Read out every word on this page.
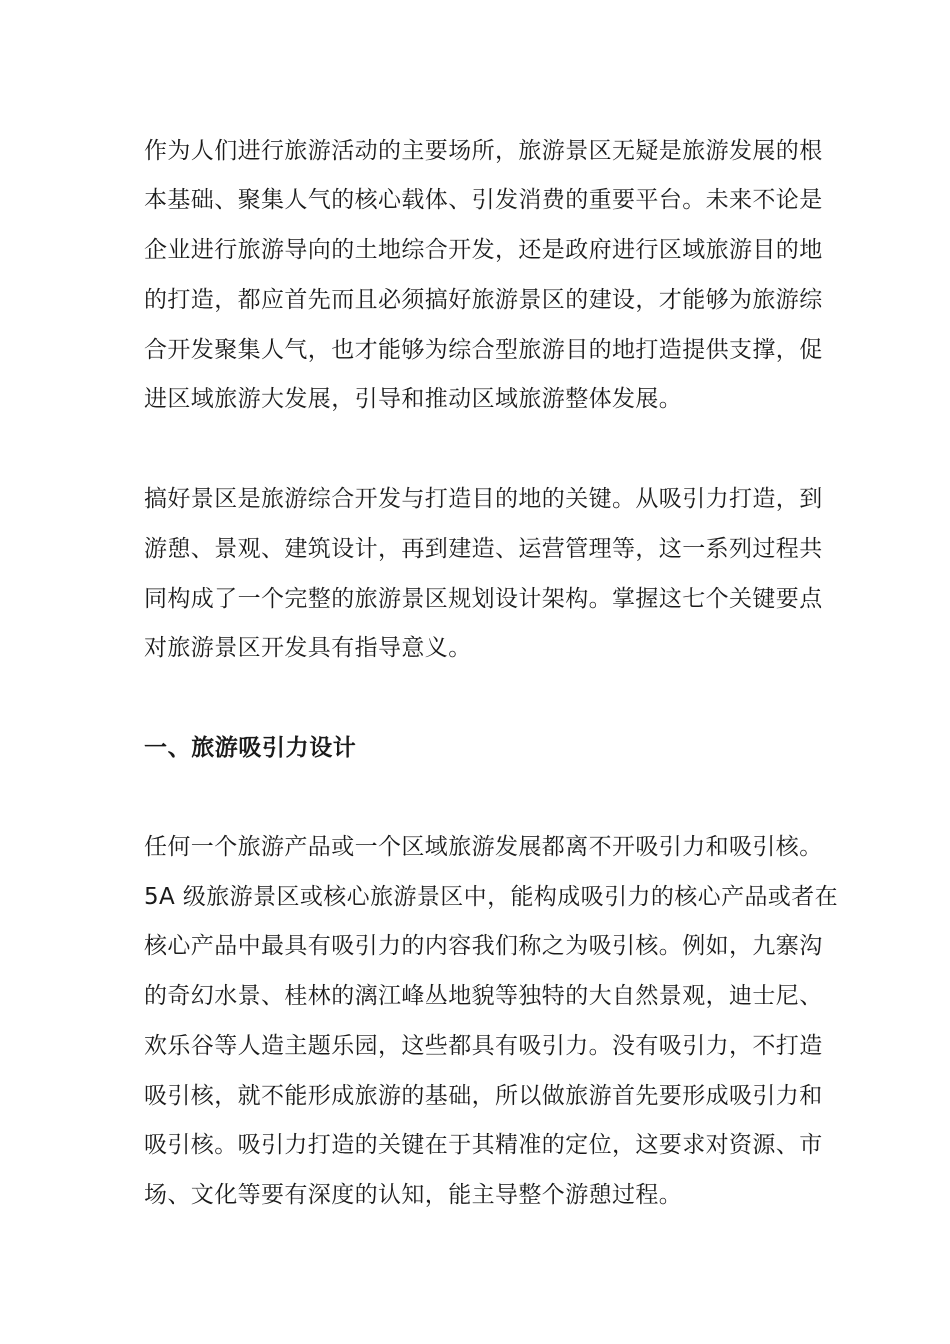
作为人们进行旅游活动的主要场所，旅游景区无疑是旅游发展的根
本基础、聚集人气的核心载体、引发消费的重要平台。未来不论是
企业进行旅游导向的土地综合开发，还是政府进行区域旅游目的地
的打造，都应首先而且必须搞好旅游景区的建设，才能够为旅游综
合开发聚集人气，也才能够为综合型旅游目的地打造提供支撑，促
进区域旅游大发展，引导和推动区域旅游整体发展。
搞好景区是旅游综合开发与打造目的地的关键。从吸引力打造，到
游憩、景观、建筑设计，再到建造、运营管理等，这一系列过程共
同构成了一个完整的旅游景区规划设计架构。掌握这七个关键要点
对旅游景区开发具有指导意义。
一、旅游吸引力设计
任何一个旅游产品或一个区域旅游发展都离不开吸引力和吸引核。
5A 级旅游景区或核心旅游景区中，能构成吸引力的核心产品或者在
核心产品中最具有吸引力的内容我们称之为吸引核。例如，九寨沟
的奇幻水景、桂林的漓江峰丛地貌等独特的大自然景观，迪士尼、
欢乐谷等人造主题乐园，这些都具有吸引力。没有吸引力，不打造
吸引核，就不能形成旅游的基础，所以做旅游首先要形成吸引力和
吸引核。吸引力打造的关键在于其精准的定位，这要求对资源、市
场、文化等要有深度的认知，能主导整个游憩过程。
